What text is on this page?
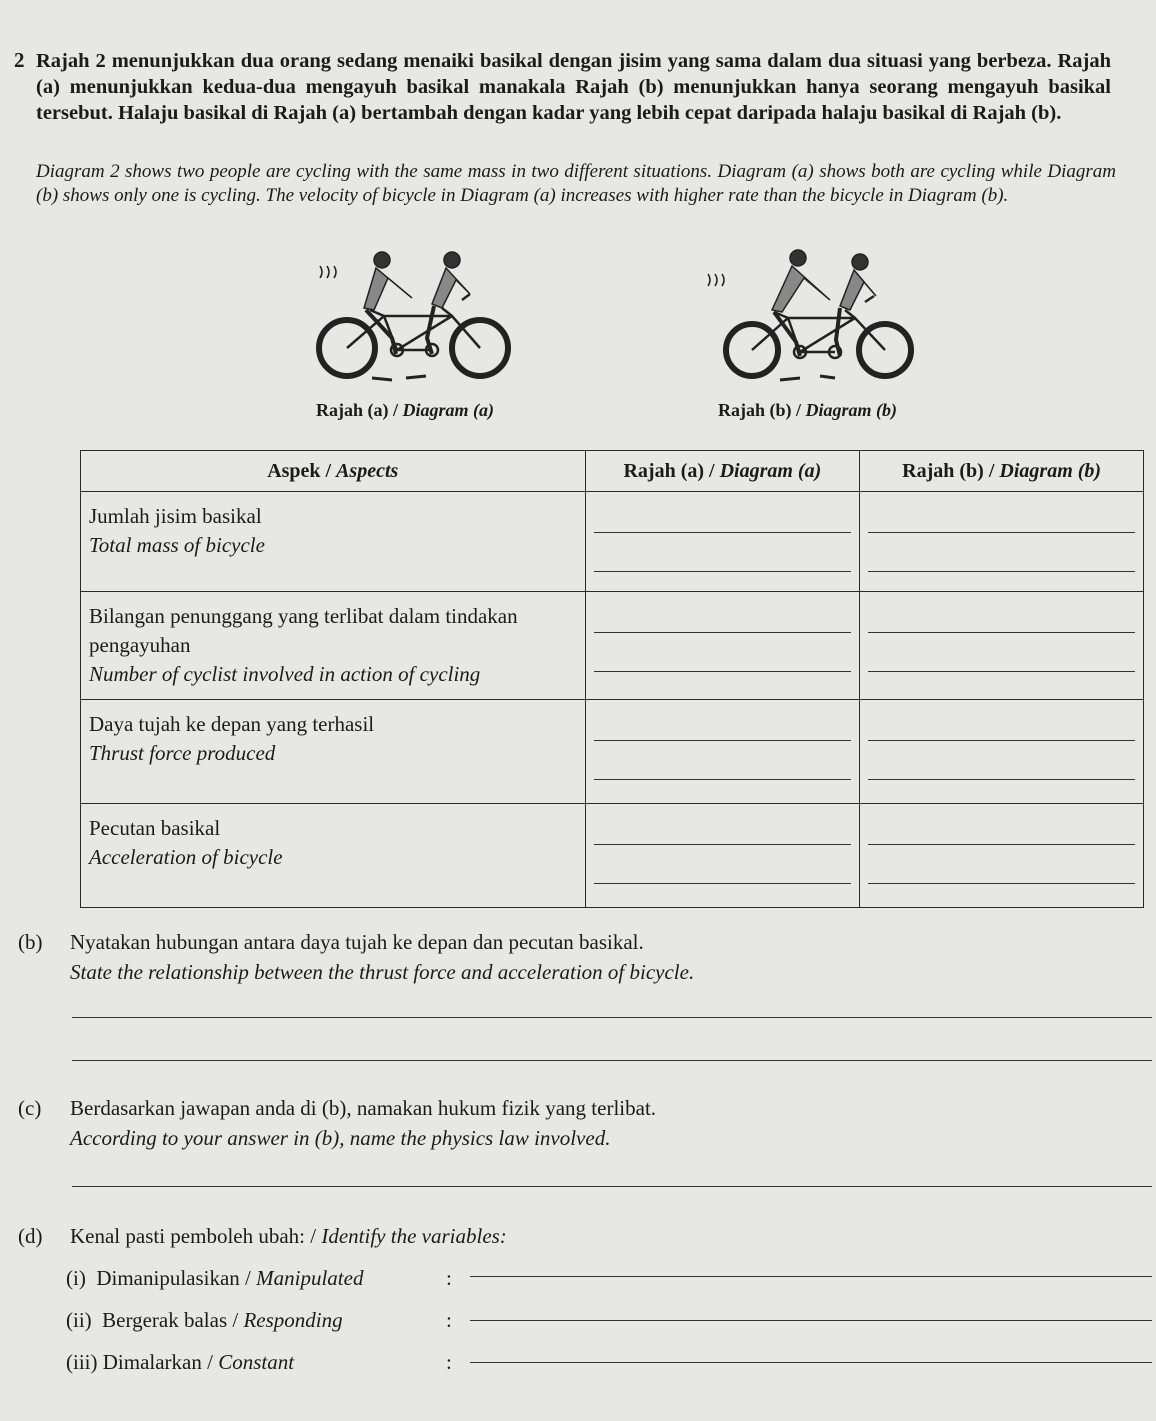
2 Rajah 2 menunjukkan dua orang sedang menaiki basikal dengan jisim yang sama dalam dua situasi yang berbeza. Rajah (a) menunjukkan kedua-dua mengayuh basikal manakala Rajah (b) menunjukkan hanya seorang mengayuh basikal tersebut. Halaju basikal di Rajah (a) bertambah dengan kadar yang lebih cepat daripada halaju basikal di Rajah (b).
Diagram 2 shows two people are cycling with the same mass in two different situations. Diagram (a) shows both are cycling while Diagram (b) shows only one is cycling. The velocity of bicycle in Diagram (a) increases with higher rate than the bicycle in Diagram (b).
Rajah (a) / Diagram (a)	Rajah (b) / Diagram (b)
Aspek / Aspects	Rajah (a) / Diagram (a)	Rajah (b) / Diagram (b)
Jumlah jisim basikal
Total mass of bicycle		

Bilangan penunggang yang terlibat dalam tindakan pengayuhan
Number of cyclist involved in action of cycling		

Daya tujah ke depan yang terhasil
Thrust force produced		

Pecutan basikal
Acceleration of bicycle		

(b) Nyatakan hubungan antara daya tujah ke depan dan pecutan basikal.
State the relationship between the thrust force and acceleration of bicycle.
(c) Berdasarkan jawapan anda di (b), namakan hukum fizik yang terlibat.
According to your answer in (b), name the physics law involved.
(d) Kenal pasti pemboleh ubah: / Identify the variables:
(i) Dimanipulasikan / Manipulated	:
(ii) Bergerak balas / Responding	:
(iii) Dimalarkan / Constant	:
